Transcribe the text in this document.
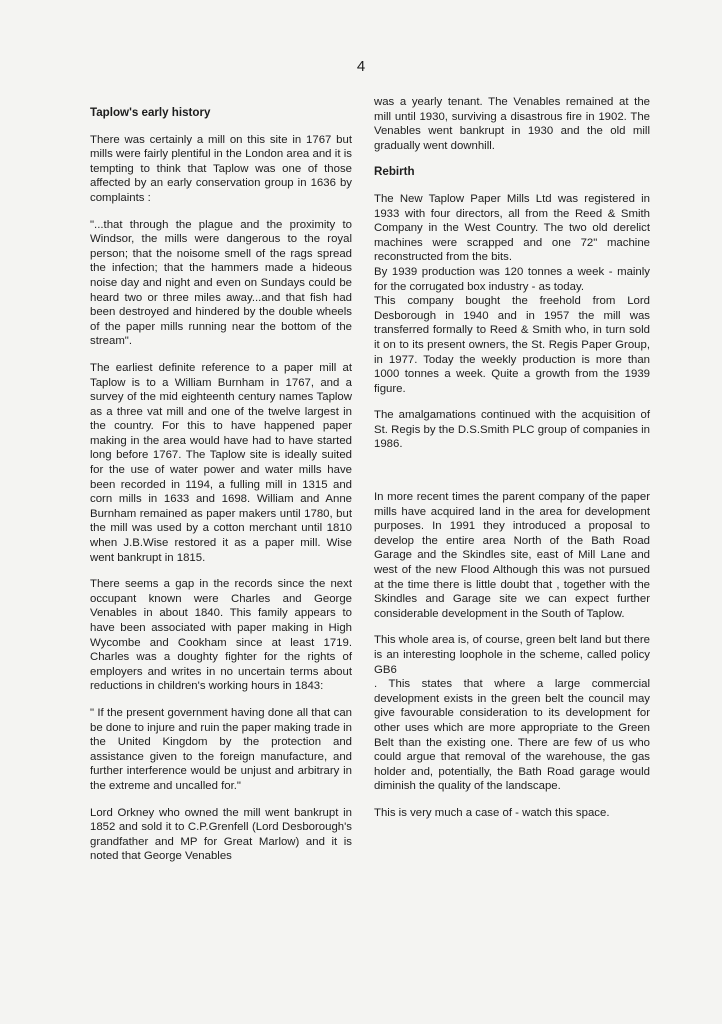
4
Taplow's early history

There was certainly a mill on this site in 1767 but mills were fairly plentiful in the London area and it is tempting to think that Taplow was one of those affected by an early conservation group in 1636 by complaints :

"...that through the plague and the proximity to Windsor, the mills were dangerous to the royal person; that the noisome smell of the rags spread the infection; that the hammers made a hideous noise day and night and even on Sundays could be heard two or three miles away...and that fish had been destroyed and hindered by the double wheels of the paper mills running near the bottom of the stream".

The earliest definite reference to a paper mill at Taplow is to a William Burnham in 1767, and a survey of the mid eighteenth century names Taplow as a three vat mill and one of the twelve largest in the country. For this to have happened paper making in the area would have had to have started long before 1767. The Taplow site is ideally suited for the use of water power and water mills have been recorded in 1194, a fulling mill in 1315 and corn mills in 1633 and 1698. William and Anne Burnham remained as paper makers until 1780, but the mill was used by a cotton merchant until 1810 when J.B.Wise restored it as a paper mill. Wise went bankrupt in 1815.

There seems a gap in the records since the next occupant known were Charles and George Venables in about 1840. This family appears to have been associated with paper making in High Wycombe and Cookham since at least 1719. Charles was a doughty fighter for the rights of employers and writes in no uncertain terms about reductions in children's working hours in 1843:

" If the present government having done all that can be done to injure and ruin the paper making trade in the United Kingdom by the protection and assistance given to the foreign manufacture, and further interference would be unjust and arbitrary in the extreme and uncalled for."

Lord Orkney who owned the mill went bankrupt in 1852 and sold it to C.P.Grenfell (Lord Desborough's grandfather and MP for Great Marlow) and it is noted that George Venables

was a yearly tenant. The Venables remained at the mill until 1930, surviving a disastrous fire in 1902. The Venables went bankrupt in 1930 and the old mill gradually went downhill.

Rebirth

The New Taplow Paper Mills Ltd was registered in 1933 with four directors, all from the Reed & Smith Company in the West Country. The two old derelict machines were scrapped and one 72" machine reconstructed from the bits.

By 1939 production was 120 tonnes a week - mainly for the corrugated box industry - as today.

This company bought the freehold from Lord Desborough in 1940 and in 1957 the mill was transferred formally to Reed & Smith who, in turn sold it on to its present owners, the St. Regis Paper Group, in 1977. Today the weekly production is more than 1000 tonnes a week. Quite a growth from the 1939 figure.

The amalgamations continued with the acquisition of St. Regis by the D.S.Smith PLC group of companies in 1986.

In more recent times the parent company of the paper mills have acquired land in the area for development purposes. In 1991 they introduced a proposal to develop the entire area North of the Bath Road Garage and the Skindles site, east of Mill Lane and west of the new Flood Although this was not pursued at the time there is little doubt that , together with the Skindles and Garage site we can expect further considerable development in the South of Taplow.

This whole area is, of course, green belt land but there is an interesting loophole in the scheme, called policy GB6

. This states that where a large commercial development exists in the green belt the council may give favourable consideration to its development for other uses which are more appropriate to the Green Belt than the existing one. There are few of us who could argue that removal of the warehouse, the gas holder and, potentially, the Bath Road garage would diminish the quality of the landscape.

This is very much a case of - watch this space.
